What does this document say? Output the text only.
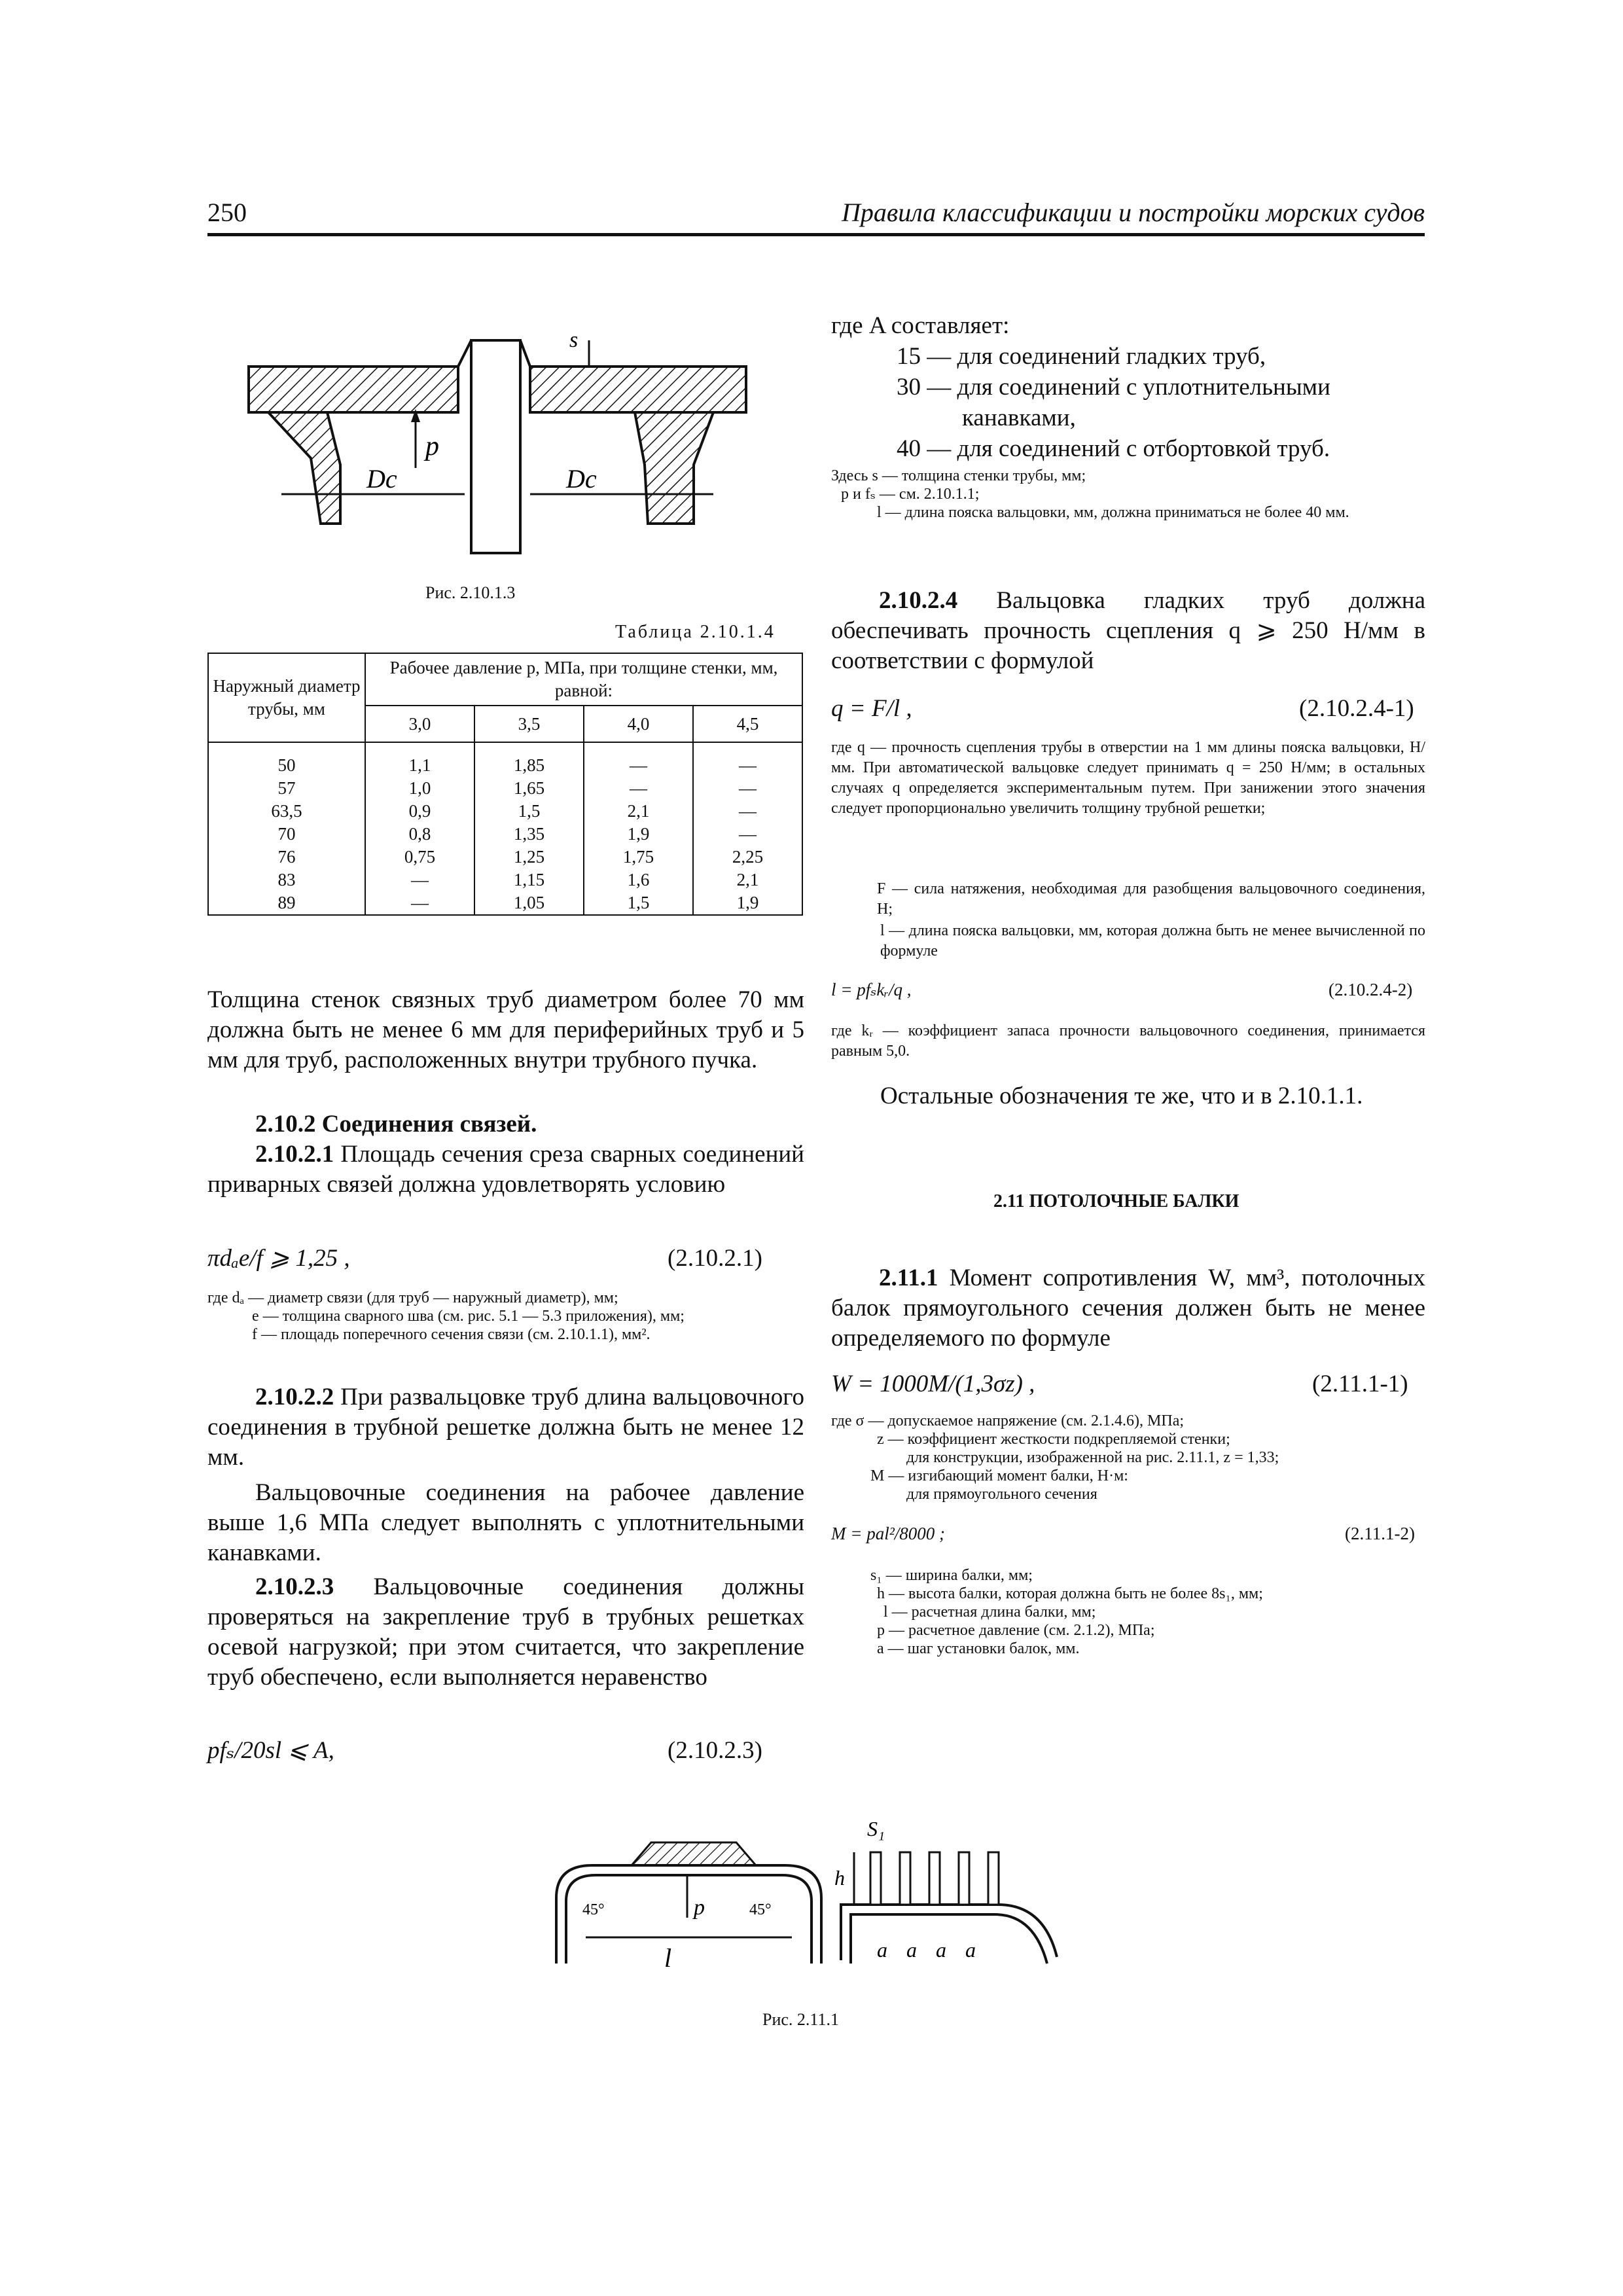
250	Правила классификации и постройки морских судов
p
Dc	Dc
s
Рис. 2.10.1.3
Таблица 2.10.1.4
Наружный диаметр трубы, мм	Рабочее давление p, МПа, при толщине стенки, мм, равной:			
	3,0	3,5	4,0	4,5

50	1,1	1,85	—	—
57	1,0	1,65	—	—
63,5	0,9	1,5	2,1	—
70	0,8	1,35	1,9	—
76	0,75	1,25	1,75	2,25
83	—	1,15	1,6	2,1
89	—	1,05	1,5	1,9
Толщина стенок связных труб диаметром более 70 мм должна быть не менее 6 мм для периферийных труб и 5 мм для труб, расположенных внутри трубного пучка.
2.10.2 Соединения связей.
2.10.2.1 Площадь сечения среза сварных соединений приварных связей должна удовлетворять условию
πdₐe/f ⩾ 1,25 ,	(2.10.2.1)
где dₐ — диаметр связи (для труб — наружный диаметр), мм;
e — толщина сварного шва (см. рис. 5.1 — 5.3 приложения), мм;
f — площадь поперечного сечения связи (см. 2.10.1.1), мм².
2.10.2.2 При развальцовке труб длина вальцовочного соединения в трубной решетке должна быть не менее 12 мм.
Вальцовочные соединения на рабочее давление выше 1,6 МПа следует выполнять с уплотнительными канавками.
2.10.2.3 Вальцовочные соединения должны проверяться на закрепление труб в трубных решетках осевой нагрузкой; при этом считается, что закрепление труб обеспечено, если выполняется неравенство
pfₛ/20sl ⩽ A,	(2.10.2.3)
где A составляет:
15 — для соединений гладких труб,
30 — для соединений с уплотнительными
канавками,
40 — для соединений с отбортовкой труб.
Здесь s — толщина стенки трубы, мм;
p и fₛ — см. 2.10.1.1;
l — длина пояска вальцовки, мм, должна приниматься не более 40 мм.
2.10.2.4 Вальцовка гладких труб должна обеспечивать прочность сцепления q ⩾ 250 Н/мм в соответствии с формулой
q = F/l ,	(2.10.2.4-1)
где q — прочность сцепления трубы в отверстии на 1 мм длины пояска вальцовки, Н/мм. При автоматической вальцовке следует принимать q = 250 Н/мм; в остальных случаях q определяется экспериментальным путем. При занижении этого значения следует пропорционально увеличить толщину трубной решетки;
F — сила натяжения, необходимая для разобщения вальцовочного соединения, Н;
l — длина пояска вальцовки, мм, которая должна быть не менее вычисленной по формуле
l = pfₛkᵣ/q ,	(2.10.2.4-2)
где kᵣ — коэффициент запаса прочности вальцовочного соединения, принимается равным 5,0.
Остальные обозначения те же, что и в 2.10.1.1.
2.11 ПОТОЛОЧНЫЕ БАЛКИ
2.11.1 Момент сопротивления W, мм³, потолочных балок прямоугольного сечения должен быть не менее определяемого по формуле
W = 1000M/(1,3σz) ,	(2.11.1-1)
где σ — допускаемое напряжение (см. 2.1.4.6), МПа;
z — коэффициент жесткости подкрепляемой стенки;
для конструкции, изображенной на рис. 2.11.1, z = 1,33;
M — изгибающий момент балки, Н·м:
для прямоугольного сечения
M = pal²/8000 ;	(2.11.1-2)
s₁ — ширина балки, мм;
h — высота балки, которая должна быть не более 8s₁, мм;
l — расчетная длина балки, мм;
p — расчетное давление (см. 2.1.2), МПа;
a — шаг установки балок, мм.
l
p
45°	45°
h
S₁
a a a a
Рис. 2.11.1
